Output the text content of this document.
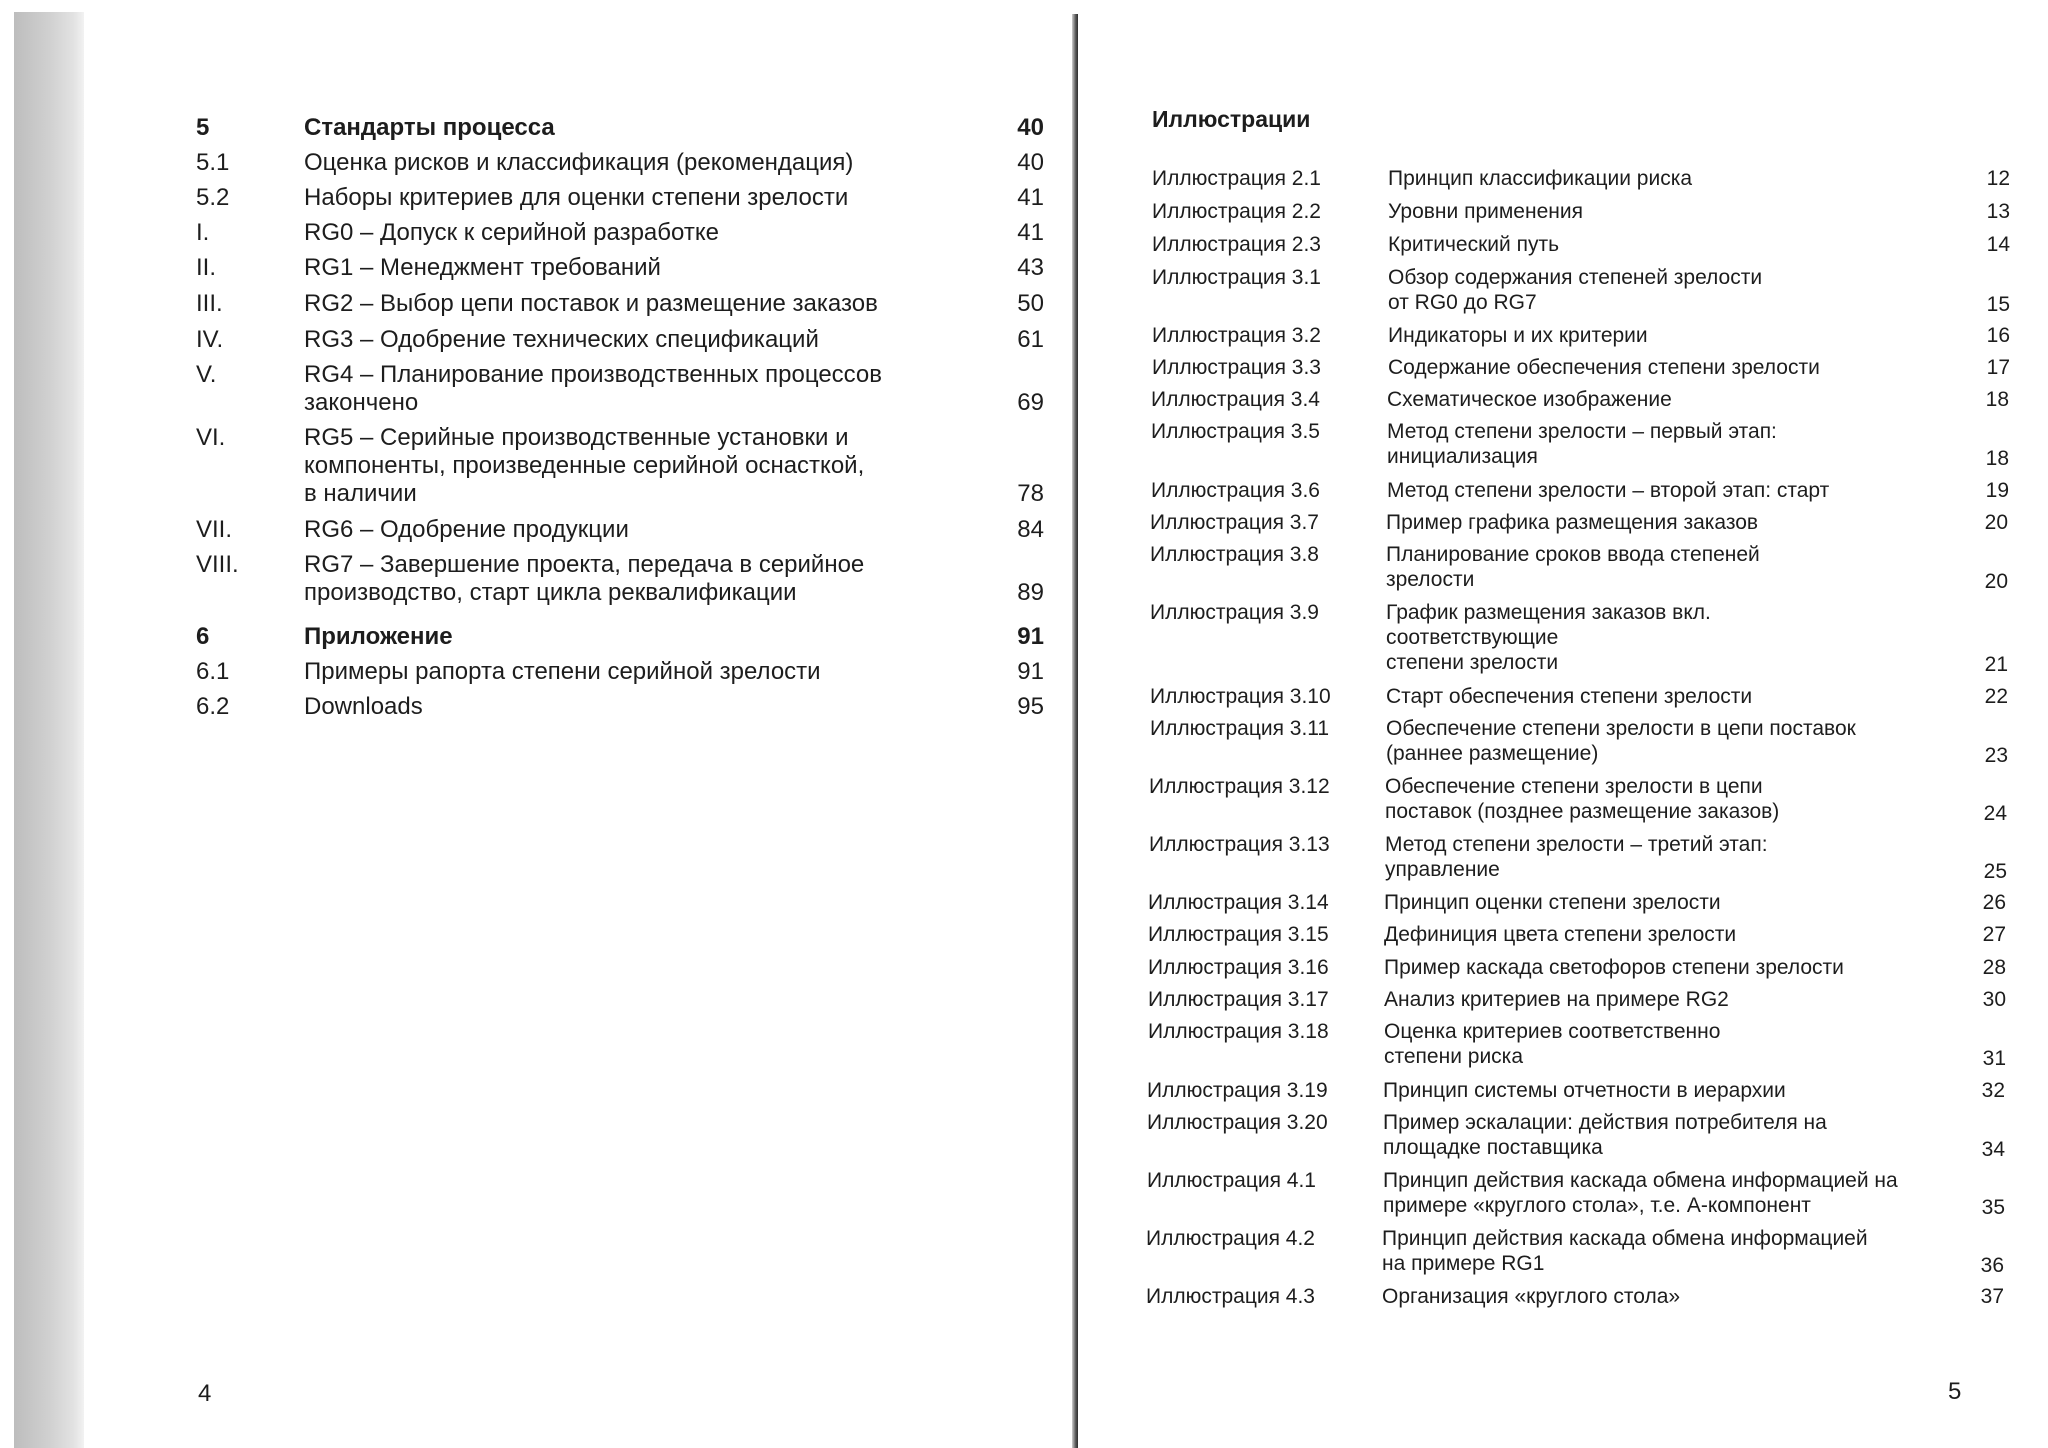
5	Стандарты процесса	40
5.1	Оценка рисков и классификация (рекомендация)	40
5.2	Наборы критериев для оценки степени зрелости	41
I.	RG0 – Допуск к серийной разработке	41
II.	RG1 – Менеджмент требований	43
III.	RG2 – Выбор цепи поставок и размещение заказов	50
IV.	RG3 – Одобрение технических спецификаций	61
V.	RG4 – Планирование производственных процессов
закончено	69
VI.	RG5 – Серийные производственные установки и
компоненты, произведенные серийной оснасткой,
в наличии	78
VII.	RG6 – Одобрение продукции	84
VIII.	RG7 – Завершение проекта, передача в серийное
производство, старт цикла реквалификации	89
6	Приложение	91
6.1	Примеры рапорта степени серийной зрелости	91
6.2	Downloads	95
4
Иллюстрации
Иллюстрация 2.1	Принцип классификации риска	12
Иллюстрация 2.2	Уровни применения	13
Иллюстрация 2.3	Критический путь	14
Иллюстрация 3.1	Обзор содержания степеней зрелости
от RG0 до RG7	15
Иллюстрация 3.2	Индикаторы и их критерии	16
Иллюстрация 3.3	Содержание обеспечения степени зрелости	17
Иллюстрация 3.4	Схематическое изображение	18
Иллюстрация 3.5	Метод степени зрелости – первый этап:
инициализация	18
Иллюстрация 3.6	Метод степени зрелости – второй этап: старт	19
Иллюстрация 3.7	Пример графика размещения заказов	20
Иллюстрация 3.8	Планирование сроков ввода степеней
зрелости	20
Иллюстрация 3.9	График размещения заказов вкл.
соответствующие
степени зрелости	21
Иллюстрация 3.10	Старт обеспечения степени зрелости	22
Иллюстрация 3.11	Обеспечение степени зрелости в цепи поставок
(раннее размещение)	23
Иллюстрация 3.12	Обеспечение степени зрелости в цепи
поставок (позднее размещение заказов)	24
Иллюстрация 3.13	Метод степени зрелости – третий этап:
управление	25
Иллюстрация 3.14	Принцип оценки степени зрелости	26
Иллюстрация 3.15	Дефиниция цвета степени зрелости	27
Иллюстрация 3.16	Пример каскада светофоров степени зрелости	28
Иллюстрация 3.17	Анализ критериев на примере RG2	30
Иллюстрация 3.18	Оценка критериев соответственно
степени риска	31
Иллюстрация 3.19	Принцип системы отчетности в иерархии	32
Иллюстрация 3.20	Пример эскалации: действия потребителя на
площадке поставщика	34
Иллюстрация 4.1	Принцип действия каскада обмена информацией на
примере «круглого стола», т.е. А-компонент	35
Иллюстрация 4.2	Принцип действия каскада обмена информацией
на примере RG1	36
Иллюстрация 4.3	Организация «круглого стола»	37
5
